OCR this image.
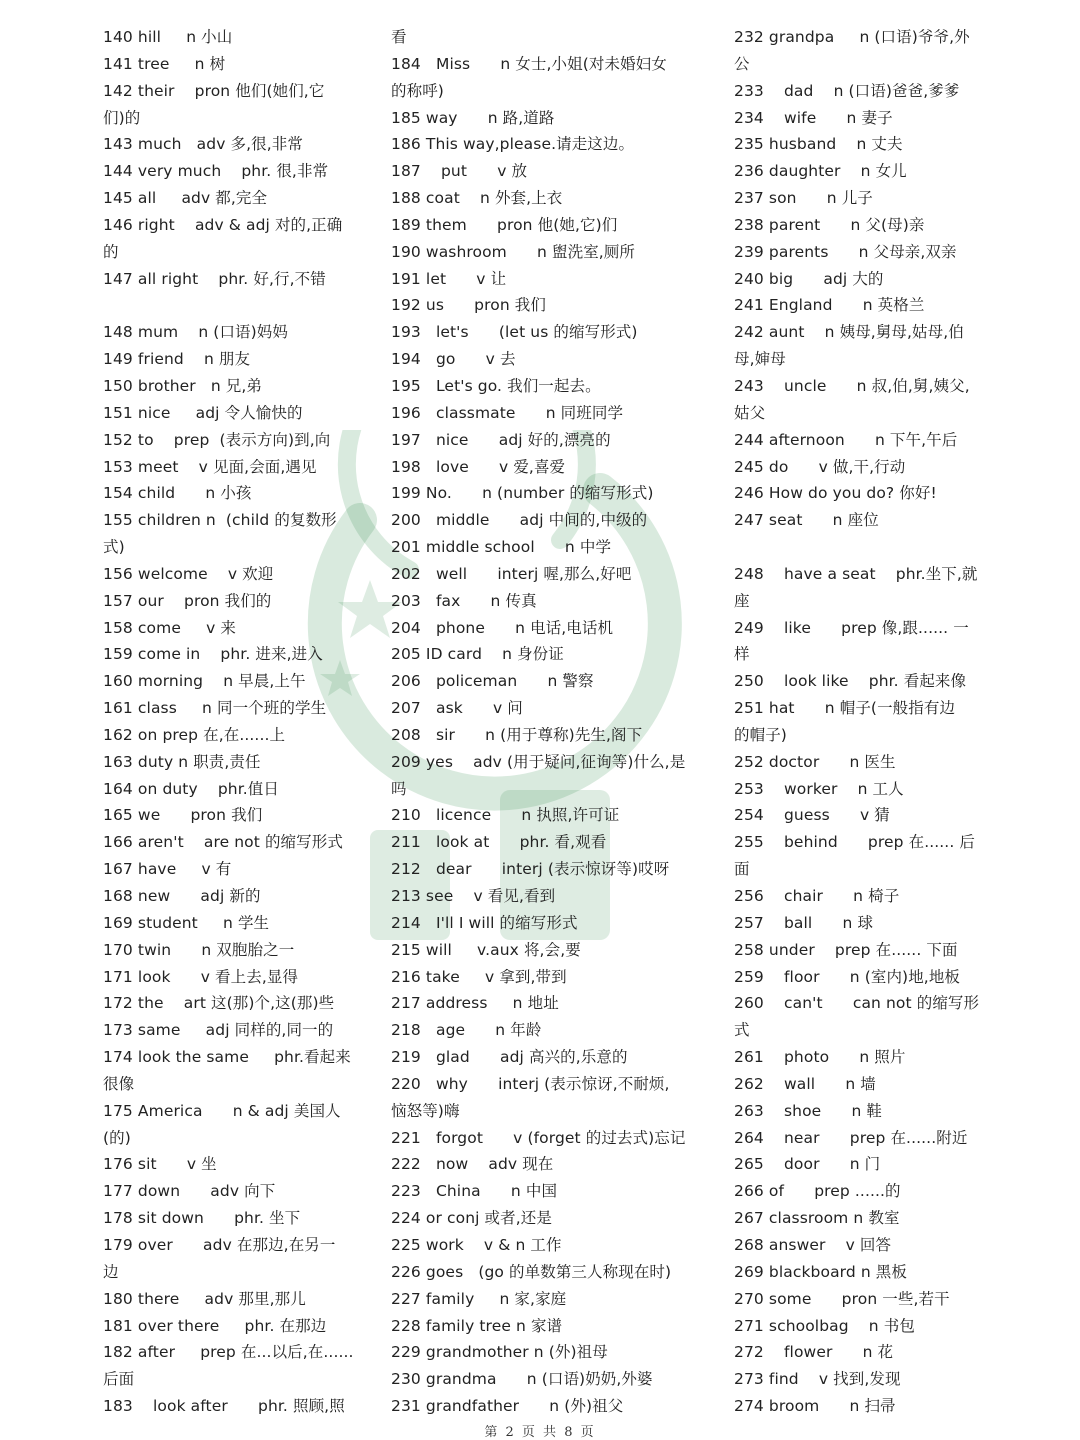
140 hill     n 小山
141 tree     n 树
142 their    pron 他们(她们,它
们)的
143 much   adv 多,很,非常
144 very much    phr. 很,非常
145 all     adv 都,完全
146 right    adv & adj 对的,正确
的
147 all right    phr. 好,行,不错
148 mum    n (口语)妈妈
149 friend    n 朋友
150 brother   n 兄,弟
151 nice     adj 令人愉快的
152 to    prep  (表示方向)到,向
153 meet    v 见面,会面,遇见
154 child      n 小孩
155 children n  (child 的复数形
式)
156 welcome    v 欢迎
157 our    pron 我们的
158 come     v 来
159 come in    phr. 进来,进入
160 morning    n 早晨,上午
161 class     n 同一个班的学生
162 on prep 在,在......上
163 duty n 职责,责任
164 on duty    phr.值日
165 we      pron 我们
166 aren't    are not 的缩写形式
167 have     v 有
168 new      adj 新的
169 student     n 学生
170 twin      n 双胞胎之一
171 look      v 看上去,显得
172 the    art 这(那)个,这(那)些
173 same     adj 同样的,同一的
174 look the same     phr.看起来
很像
175 America      n & adj 美国人
(的)
176 sit      v 坐
177 down      adv 向下
178 sit down      phr. 坐下
179 over      adv 在那边,在另一
边
180 there     adv 那里,那儿
181 over there     phr. 在那边
182 after     prep 在...以后,在......
后面
183    look after      phr. 照顾,照
看
184   Miss      n 女士,小姐(对未婚妇女
的称呼)
185 way      n 路,道路
186 This way,please.请走这边。
187    put      v 放
188 coat    n 外套,上衣
189 them      pron 他(她,它)们
190 washroom      n 盥洗室,厕所
191 let      v 让
192 us      pron 我们
193   let's      (let us 的缩写形式)
194   go      v 去
195   Let's go. 我们一起去。
196   classmate      n 同班同学
197   nice      adj 好的,漂亮的
198   love      v 爱,喜爱
199 No.      n (number 的缩写形式)
200   middle      adj 中间的,中级的
201 middle school      n 中学
202   well      interj 喔,那么,好吧
203   fax      n 传真
204   phone      n 电话,电话机
205 ID card    n 身份证
206   policeman      n 警察
207   ask      v 问
208   sir      n (用于尊称)先生,阁下
209 yes    adv (用于疑问,征询等)什么,是
吗
210   licence      n 执照,许可证
211   look at      phr. 看,观看
212   dear      interj (表示惊讶等)哎呀
213 see    v 看见,看到
214   I'll I will 的缩写形式
215 will     v.aux 将,会,要
216 take     v 拿到,带到
217 address     n 地址
218   age      n 年龄
219   glad      adj 高兴的,乐意的
220   why      interj (表示惊讶,不耐烦,
恼怒等)嗨
221   forgot      v (forget 的过去式)忘记
222   now    adv 现在
223   China      n 中国
224 or conj 或者,还是
225 work    v & n 工作
226 goes   (go 的单数第三人称现在时)
227 family     n 家,家庭
228 family tree n 家谱
229 grandmother n (外)祖母
230 grandma      n (口语)奶奶,外婆
231 grandfather      n (外)祖父
232 grandpa     n (口语)爷爷,外
公
233    dad    n (口语)爸爸,爹爹
234    wife      n 妻子
235 husband    n 丈夫
236 daughter    n 女儿
237 son      n 儿子
238 parent      n 父(母)亲
239 parents      n 父母亲,双亲
240 big      adj 大的
241 England      n 英格兰
242 aunt    n 姨母,舅母,姑母,伯
母,婶母
243    uncle      n 叔,伯,舅,姨父,
姑父
244 afternoon      n 下午,午后
245 do      v 做,干,行动
246 How do you do? 你好!
247 seat      n 座位
248    have a seat    phr.坐下,就
座
249    like      prep 像,跟...... 一
样
250    look like    phr. 看起来像
251 hat      n 帽子(一般指有边
的帽子)
252 doctor      n 医生
253    worker    n 工人
254    guess      v 猜
255    behind      prep 在...... 后
面
256    chair      n 椅子
257    ball      n 球
258 under    prep 在...... 下面
259    floor      n (室内)地,地板
260    can't      can not 的缩写形
式
261    photo      n 照片
262    wall      n 墙
263    shoe      n 鞋
264    near      prep 在......附近
265    door      n 门
266 of      prep ......的
267 classroom n 教室
268 answer    v 回答
269 blackboard n 黑板
270 some      pron 一些,若干
271 schoolbag    n 书包
272    flower      n 花
273 find    v 找到,发现
274 broom      n 扫帚
第 2 页 共 8 页
